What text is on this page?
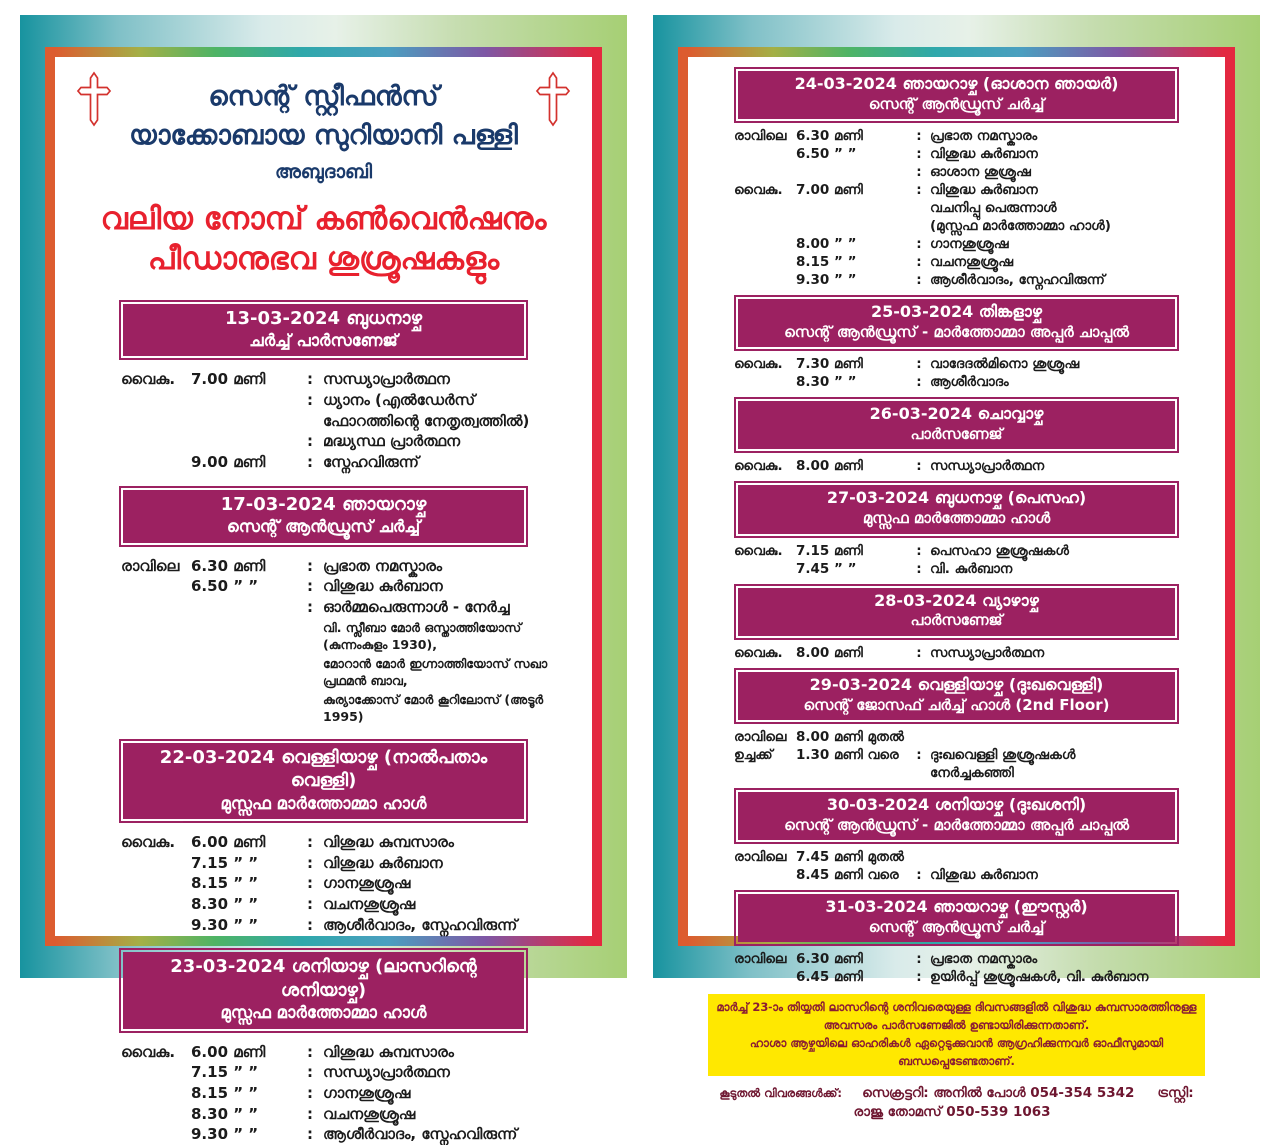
സെന്റ് സ്റ്റീഫൻസ്
യാക്കോബായ സുറിയാനി പള്ളി
അബുദാബി
വലിയ നോമ്പ് കൺവെൻഷനും
പീഡാനുഭവ ശുശ്രൂഷകളും
13-03-2024 ബുധനാഴ്ച
ചർച്ച് പാർസണേജ്
വൈകു.	7.00 മണി	: സന്ധ്യാപ്രാർത്ഥന
: ധ്യാനം (എൽഡേർസ്
ഫോറത്തിന്റെ നേതൃത്വത്തിൽ)
: മദ്ധ്യസ്ഥ പ്രാർത്ഥന
9.00 മണി	: സ്നേഹവിരുന്ന്
17-03-2024 ഞായറാഴ്ച
സെന്റ് ആൻഡ്രൂസ് ചർച്ച്
രാവിലെ 6.30 മണി	: പ്രഭാത നമസ്കാരം
6.50 ” ”	: വിശുദ്ധ കുർബാന
: ഓർമ്മപെരുന്നാൾ - നേർച്ച
വി. സ്ലീബാ മോർ ഒസ്താത്തിയോസ് (കുന്നംകുളം 1930),
മോറാൻ മോർ ഇഗ്നാത്തിയോസ് സഖാ പ്രഥമൻ ബാവ,
കുര്യാക്കോസ് മോർ കൂറിലോസ് (അടൂർ 1995)
22-03-2024 വെള്ളിയാഴ്ച (നാൽപതാം വെള്ളി)
മുസ്സഫ മാർത്തോമ്മാ ഹാൾ
വൈകു.	6.00 മണി	: വിശുദ്ധ കുമ്പസാരം
7.15 ” ”	: വിശുദ്ധ കുർബാന
8.15 ” ”	: ഗാനശുശ്രൂഷ
8.30 ” ”	: വചനശുശ്രൂഷ
9.30 ” ”	: ആശീർവാദം, സ്നേഹവിരുന്ന്
23-03-2024 ശനിയാഴ്ച (ലാസറിന്റെ ശനിയാഴ്ച)
മുസ്സഫ മാർത്തോമ്മാ ഹാൾ
വൈകു.	6.00 മണി	: വിശുദ്ധ കുമ്പസാരം
7.15 ” ”	: സന്ധ്യാപ്രാർത്ഥന
8.15 ” ”	: ഗാനശുശ്രൂഷ
8.30 ” ”	: വചനശുശ്രൂഷ
9.30 ” ”	: ആശീർവാദം, സ്നേഹവിരുന്ന്
24-03-2024 ഞായറാഴ്ച (ഓശാന ഞായർ)
സെന്റ് ആൻഡ്രൂസ് ചർച്ച്
രാവിലെ 6.30 മണി	: പ്രഭാത നമസ്കാരം
6.50 ” ”	: വിശുദ്ധ കുർബാന
: ഓശാന ശുശ്രൂഷ
വൈകു. 7.00 മണി	: വിശുദ്ധ കുർബാന
വചനിപ്പു പെരുന്നാൾ
(മുസ്സഫ മാർത്തോമ്മാ ഹാൾ)
8.00 ” ”	: ഗാനശുശ്രൂഷ
8.15 ” ”	: വചനശുശ്രൂഷ
9.30 ” ”	: ആശീർവാദം, സ്നേഹവിരുന്ന്
25-03-2024 തിങ്കളാഴ്ച
സെന്റ് ആൻഡ്രൂസ് - മാർത്തോമ്മാ അപ്പർ ചാപ്പൽ
വൈകു. 7.30 മണി	: വാദേദൽമിനൊ ശുശ്രൂഷ
8.30 ” ”	: ആശീർവാദം
26-03-2024 ചൊവ്വാഴ്ച
പാർസണേജ്
വൈകു. 8.00 മണി	: സന്ധ്യാപ്രാർത്ഥന
27-03-2024 ബുധനാഴ്ച (പെസഹ)
മുസ്സഫ മാർത്തോമ്മാ ഹാൾ
വൈകു. 7.15 മണി	: പെസഹാ ശുശ്രൂഷകൾ
7.45 ” ”	: വി. കുർബാന
28-03-2024 വ്യാഴാഴ്ച
പാർസണേജ്
വൈകു. 8.00 മണി	: സന്ധ്യാപ്രാർത്ഥന
29-03-2024 വെള്ളിയാഴ്ച (ദുഃഖവെള്ളി)
സെന്റ് ജോസഫ് ചർച്ച് ഹാൾ (2nd Floor)
രാവിലെ 8.00 മണി മുതൽ
ഉച്ചക്ക്	1.30 മണി വരെ	: ദുഃഖവെള്ളി ശുശ്രൂഷകൾ
നേർച്ചകഞ്ഞി
30-03-2024 ശനിയാഴ്ച (ദുഃഖശനി)
സെന്റ് ആൻഡ്രൂസ് - മാർത്തോമ്മാ അപ്പർ ചാപ്പൽ
രാവിലെ 7.45 മണി മുതൽ
8.45 മണി വരെ	: വിശുദ്ധ കുർബാന
31-03-2024 ഞായറാഴ്ച (ഈസ്റ്റർ)
സെന്റ് ആൻഡ്രൂസ് ചർച്ച്
രാവിലെ 6.30 മണി	: പ്രഭാത നമസ്കാരം
6.45 മണി	: ഉയിർപ്പ് ശുശ്രൂഷകൾ, വി. കുർബാന
മാർച്ച് 23-ാം തിയ്യതി ലാസറിന്റെ ശനിവരെയുള്ള ദിവസങ്ങളിൽ വിശുദ്ധ കുമ്പസാരത്തിനുള്ള അവസരം പാർസണേജിൽ ഉണ്ടായിരിക്കുന്നതാണ്.
ഹാശാ ആഴ്ചയിലെ ഓഹരികൾ ഏറ്റെടുക്കുവാൻ ആഗ്രഹിക്കുന്നവർ ഓഫീസുമായി ബന്ധപ്പെടേണ്ടതാണ്.
കൂടുതൽ വിവരങ്ങൾക്ക്: സെക്രട്ടറി: അനിൽ പോൾ 054-354 5342 ട്രസ്റ്റി: രാജു തോമസ് 050-539 1063
